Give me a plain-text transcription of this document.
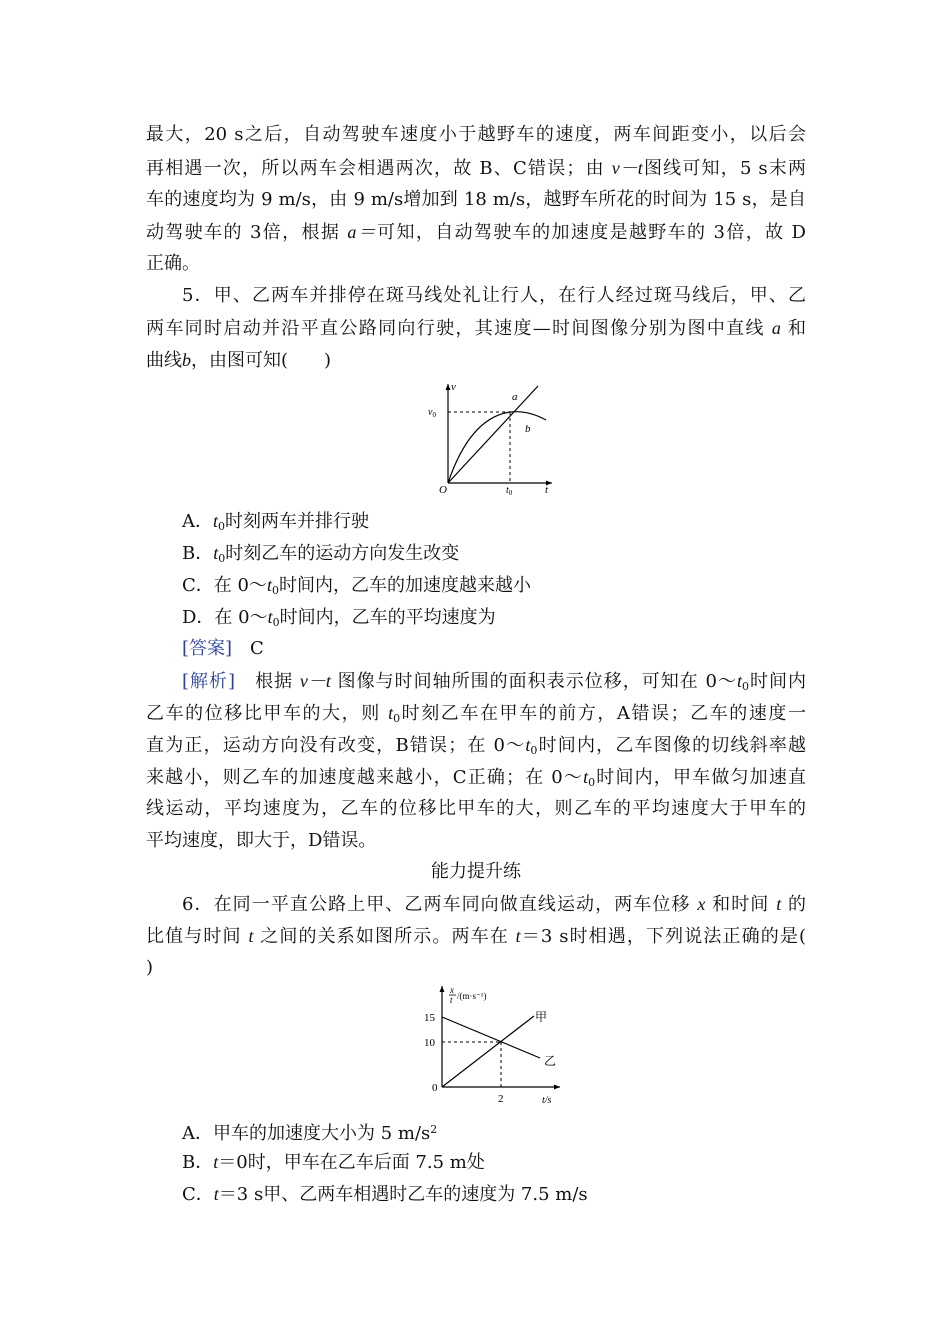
最大，20 s之后，自动驾驶车速度小于越野车的速度，两车间距变小，以后会
再相遇一次，所以两车会相遇两次，故 B、C错误；由 v－t图线可知，5 s末两
车的速度均为 9 m/s，由 9 m/s增加到 18 m/s，越野车所花的时间为 15 s，是自
动驾驶车的 3倍，根据 a＝可知，自动驾驶车的加速度是越野车的 3倍，故 D
正确。
5．甲、乙两车并排停在斑马线处礼让行人，在行人经过斑马线后，甲、乙
两车同时启动并沿平直公路同向行驶，其速度—时间图像分别为图中直线 a 和
曲线b，由图可知(　　)
v
$v_0$
O	t
$t_0$
a
b
A．$t_0$时刻两车并排行驶
B．$t_0$时刻乙车的运动方向发生改变
C．在 $0\sim t_0$时间内，乙车的加速度越来越小
D．在 $0\sim t_0$时间内，乙车的平均速度为
[答案]　 C
[解析]　 根据 v－t 图像与时间轴所围的面积表示位移，可知在 $0\sim t_0$时间内
乙车的位移比甲车的大，则 $t_0$时刻乙车在甲车的前方，A错误；乙车的速度一
直为正，运动方向没有改变，B错误；在 $0\sim t_0$时间内，乙车图像的切线斜率越
来越小，则乙车的加速度越来越小，C正确；在 $0\sim t_0$时间内，甲车做匀加速直
线运动，平均速度为，乙车的位移比甲车的大，则乙车的平均速度大于甲车的
平均速度，即大于，D错误。
能力提升练
6．在同一平直公路上甲、乙两车同向做直线运动，两车位移 x 和时间 t 的
比值与时间 t 之间的关系如图所示。两车在 t＝3 s时相遇，下列说法正确的是(
)
x
t /(m·s⁻¹)
15
10
0
2	t/s
甲
乙
A．甲车的加速度大小为 5 $m/s^2$
B．t＝0时，甲车在乙车后面 7.5 m处
C．t＝3 s甲、乙两车相遇时乙车的速度为 7.5 m/s
